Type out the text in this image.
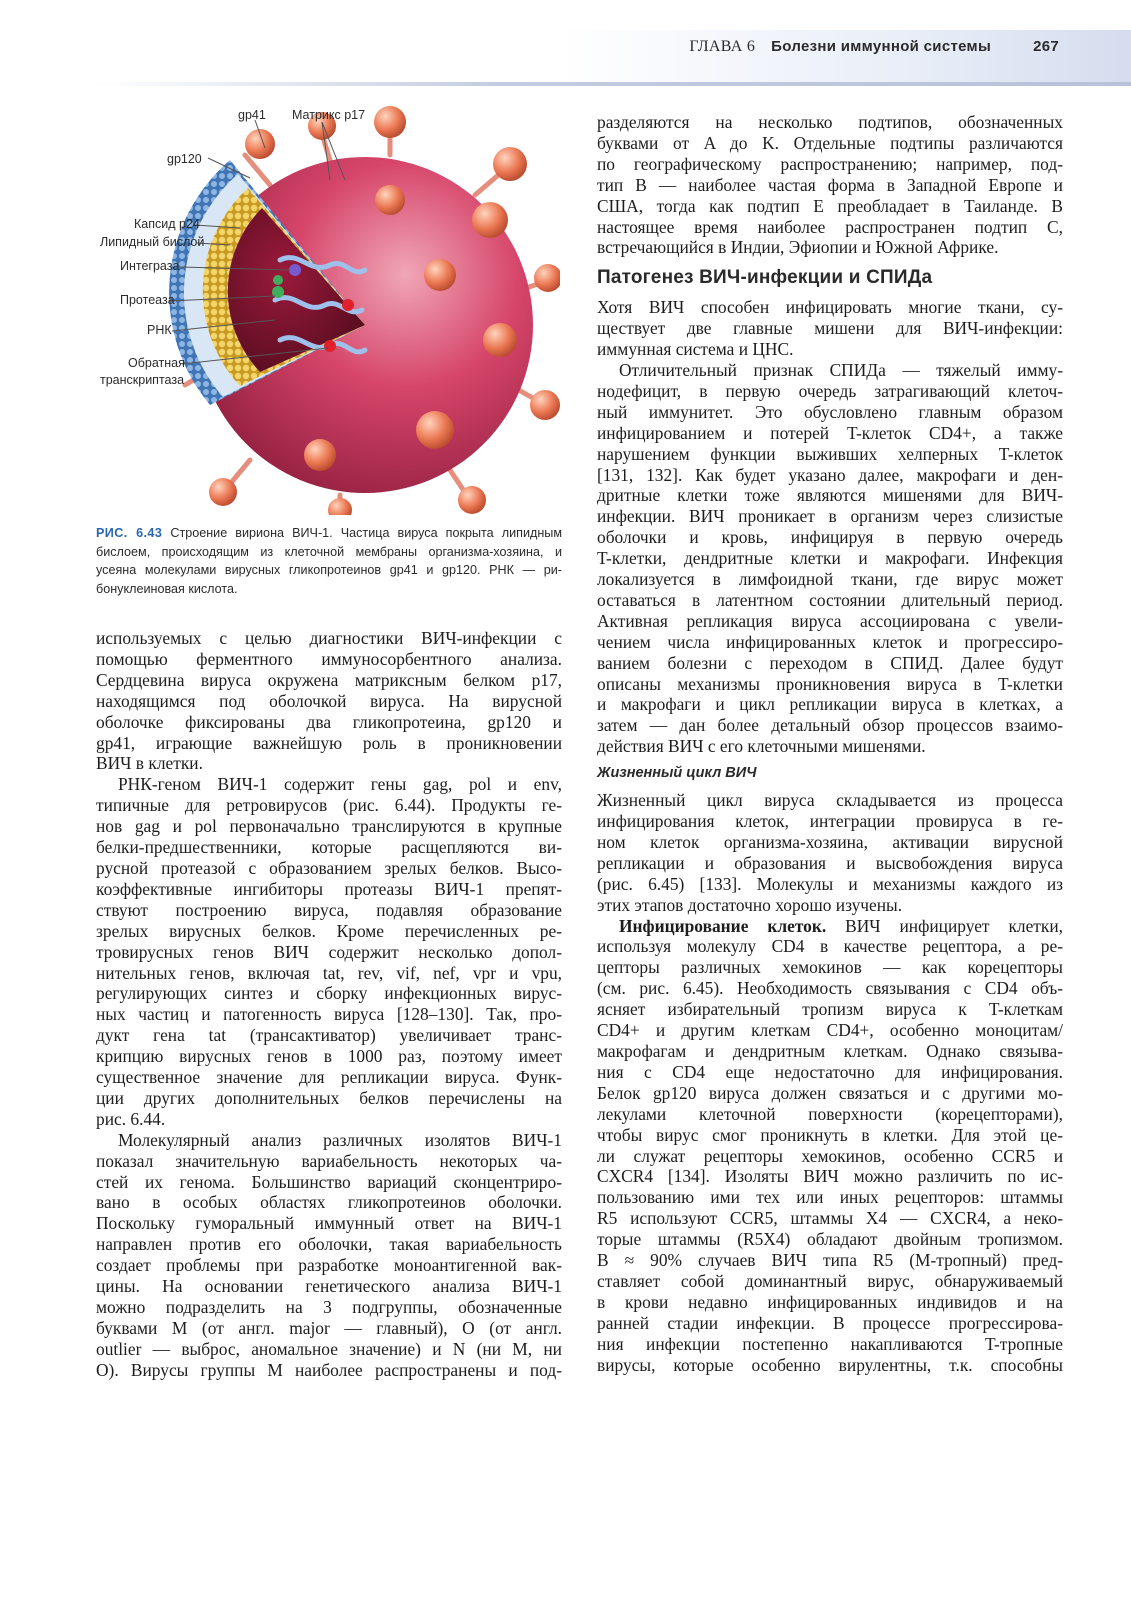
ГЛАВА 6 Болезни иммунной системы	267
gp41 Матрикс p17
gp120
Капсид p24
Липидный бислой
Интеграза
Протеаза
РНК
Обратная
транскриптаза
РИС. 6.43 Строение вириона ВИЧ-1. Частица вируса покрыта липидным
бислоем, происходящим из клеточной мембраны организма-хозяина, и
усеяна молекулами вирусных гликопротеинов gp41 и gp120. РНК — ри-
бонуклеиновая кислота.
используемых с целью диагностики ВИЧ-инфекции с
помощью ферментного иммуносорбентного анализа.
Сердцевина вируса окружена матриксным белком p17,
находящимся под оболочкой вируса. На вирусной
оболочке фиксированы два гликопротеина, gp120 и
gp41, играющие важнейшую роль в проникновении
ВИЧ в клетки.
РНК-геном ВИЧ-1 содержит гены gag, pol и env,
типичные для ретровирусов (рис. 6.44). Продукты ге-
нов gag и pol первоначально транслируются в крупные
белки-предшественники, которые расщепляются ви-
русной протеазой с образованием зрелых белков. Высо-
коэффективные ингибиторы протеазы ВИЧ-1 препят-
ствуют построению вируса, подавляя образование
зрелых вирусных белков. Кроме перечисленных ре-
тровирусных генов ВИЧ содержит несколько допол-
нительных генов, включая tat, rev, vif, nef, vpr и vpu,
регулирующих синтез и сборку инфекционных вирус-
ных частиц и патогенность вируса [128–130]. Так, про-
дукт гена tat (трансактиватор) увеличивает транс-
крипцию вирусных генов в 1000 раз, поэтому имеет
существенное значение для репликации вируса. Функ-
ции других дополнительных белков перечислены на
рис. 6.44.
Молекулярный анализ различных изолятов ВИЧ-1
показал значительную вариабельность некоторых ча-
стей их генома. Большинство вариаций сконцентриро-
вано в особых областях гликопротеинов оболочки.
Поскольку гуморальный иммунный ответ на ВИЧ-1
направлен против его оболочки, такая вариабельность
создает проблемы при разработке моноантигенной вак-
цины. На основании генетического анализа ВИЧ-1
можно подразделить на 3 подгруппы, обозначенные
буквами M (от англ. major — главный), O (от англ.
outlier — выброс, аномальное значение) и N (ни M, ни
O). Вирусы группы M наиболее распространены и под-
разделяются на несколько подтипов, обозначенных
буквами от A до K. Отдельные подтипы различаются
по географическому распространению; например, под-
тип B — наиболее частая форма в Западной Европе и
США, тогда как подтип E преобладает в Таиланде. В
настоящее время наиболее распространен подтип C,
встречающийся в Индии, Эфиопии и Южной Африке.
Патогенез ВИЧ-инфекции и СПИДа
Хотя ВИЧ способен инфицировать многие ткани, су-
ществует две главные мишени для ВИЧ-инфекции:
иммунная система и ЦНС.
Отличительный признак СПИДа — тяжелый имму-
нодефицит, в первую очередь затрагивающий клеточ-
ный иммунитет. Это обусловлено главным образом
инфицированием и потерей T-клеток CD4+, а также
нарушением функции выживших хелперных T-клеток
[131, 132]. Как будет указано далее, макрофаги и ден-
дритные клетки тоже являются мишенями для ВИЧ-
инфекции. ВИЧ проникает в организм через слизистые
оболочки и кровь, инфицируя в первую очередь
T-клетки, дендритные клетки и макрофаги. Инфекция
локализуется в лимфоидной ткани, где вирус может
оставаться в латентном состоянии длительный период.
Активная репликация вируса ассоциирована с увели-
чением числа инфицированных клеток и прогрессиро-
ванием болезни с переходом в СПИД. Далее будут
описаны механизмы проникновения вируса в T-клетки
и макрофаги и цикл репликации вируса в клетках, а
затем — дан более детальный обзор процессов взаимо-
действия ВИЧ с его клеточными мишенями.
Жизненный цикл ВИЧ
Жизненный цикл вируса складывается из процесса
инфицирования клеток, интеграции провируса в ге-
ном клеток организма-хозяина, активации вирусной
репликации и образования и высвобождения вируса
(рис. 6.45) [133]. Молекулы и механизмы каждого из
этих этапов достаточно хорошо изучены.
Инфицирование клеток. ВИЧ инфицирует клетки,
используя молекулу CD4 в качестве рецептора, а ре-
цепторы различных хемокинов — как корецепторы
(см. рис. 6.45). Необходимость связывания с CD4 объ-
ясняет избирательный тропизм вируса к T-клеткам
CD4+ и другим клеткам CD4+, особенно моноцитам/
макрофагам и дендритным клеткам. Однако связыва-
ния с CD4 еще недостаточно для инфицирования.
Белок gp120 вируса должен связаться и с другими мо-
лекулами клеточной поверхности (корецепторами),
чтобы вирус смог проникнуть в клетки. Для этой це-
ли служат рецепторы хемокинов, особенно CCR5 и
CXCR4 [134]. Изоляты ВИЧ можно различить по ис-
пользованию ими тех или иных рецепторов: штаммы
R5 используют CCR5, штаммы X4 — CXCR4, а неко-
торые штаммы (R5X4) обладают двойным тропизмом.
В ≈ 90% случаев ВИЧ типа R5 (M-тропный) пред-
ставляет собой доминантный вирус, обнаруживаемый
в крови недавно инфицированных индивидов и на
ранней стадии инфекции. В процессе прогрессирова-
ния инфекции постепенно накапливаются T-тропные
вирусы, которые особенно вирулентны, т.к. способны
